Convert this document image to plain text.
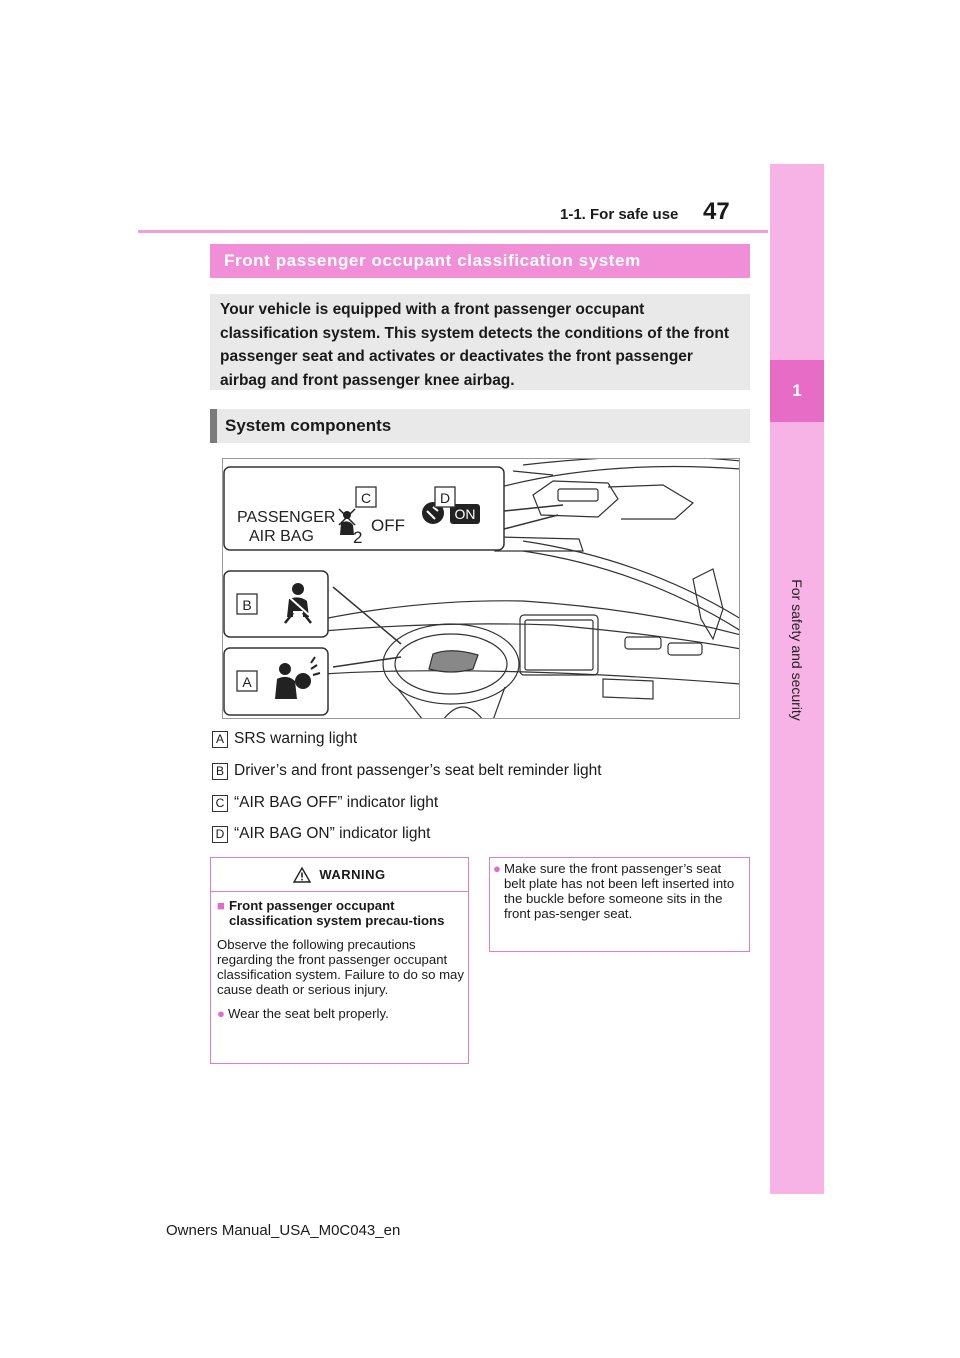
1-1. For safe use	47
1
For safety and security
Front passenger occupant classification system
Your vehicle is equipped with a front passenger occupant classification system. This system detects the conditions of the front passenger seat and activates or deactivates the front passenger airbag and front passenger knee airbag.
System components
C	D
B
A
PASSENGER
AIR BAG
OFF
2
ON
A SRS warning light
B Driver’s and front passenger’s seat belt reminder light
C “AIR BAG OFF” indicator light
D “AIR BAG ON” indicator light
WARNING
■ Front passenger occupant classification system precau-tions
Observe the following precautions regarding the front passenger occupant classification system. Failure to do so may cause death or serious injury.
● Wear the seat belt properly.
● Make sure the front passenger’s seat belt plate has not been left inserted into the buckle before someone sits in the front pas-senger seat.
Owners Manual_USA_M0C043_en
